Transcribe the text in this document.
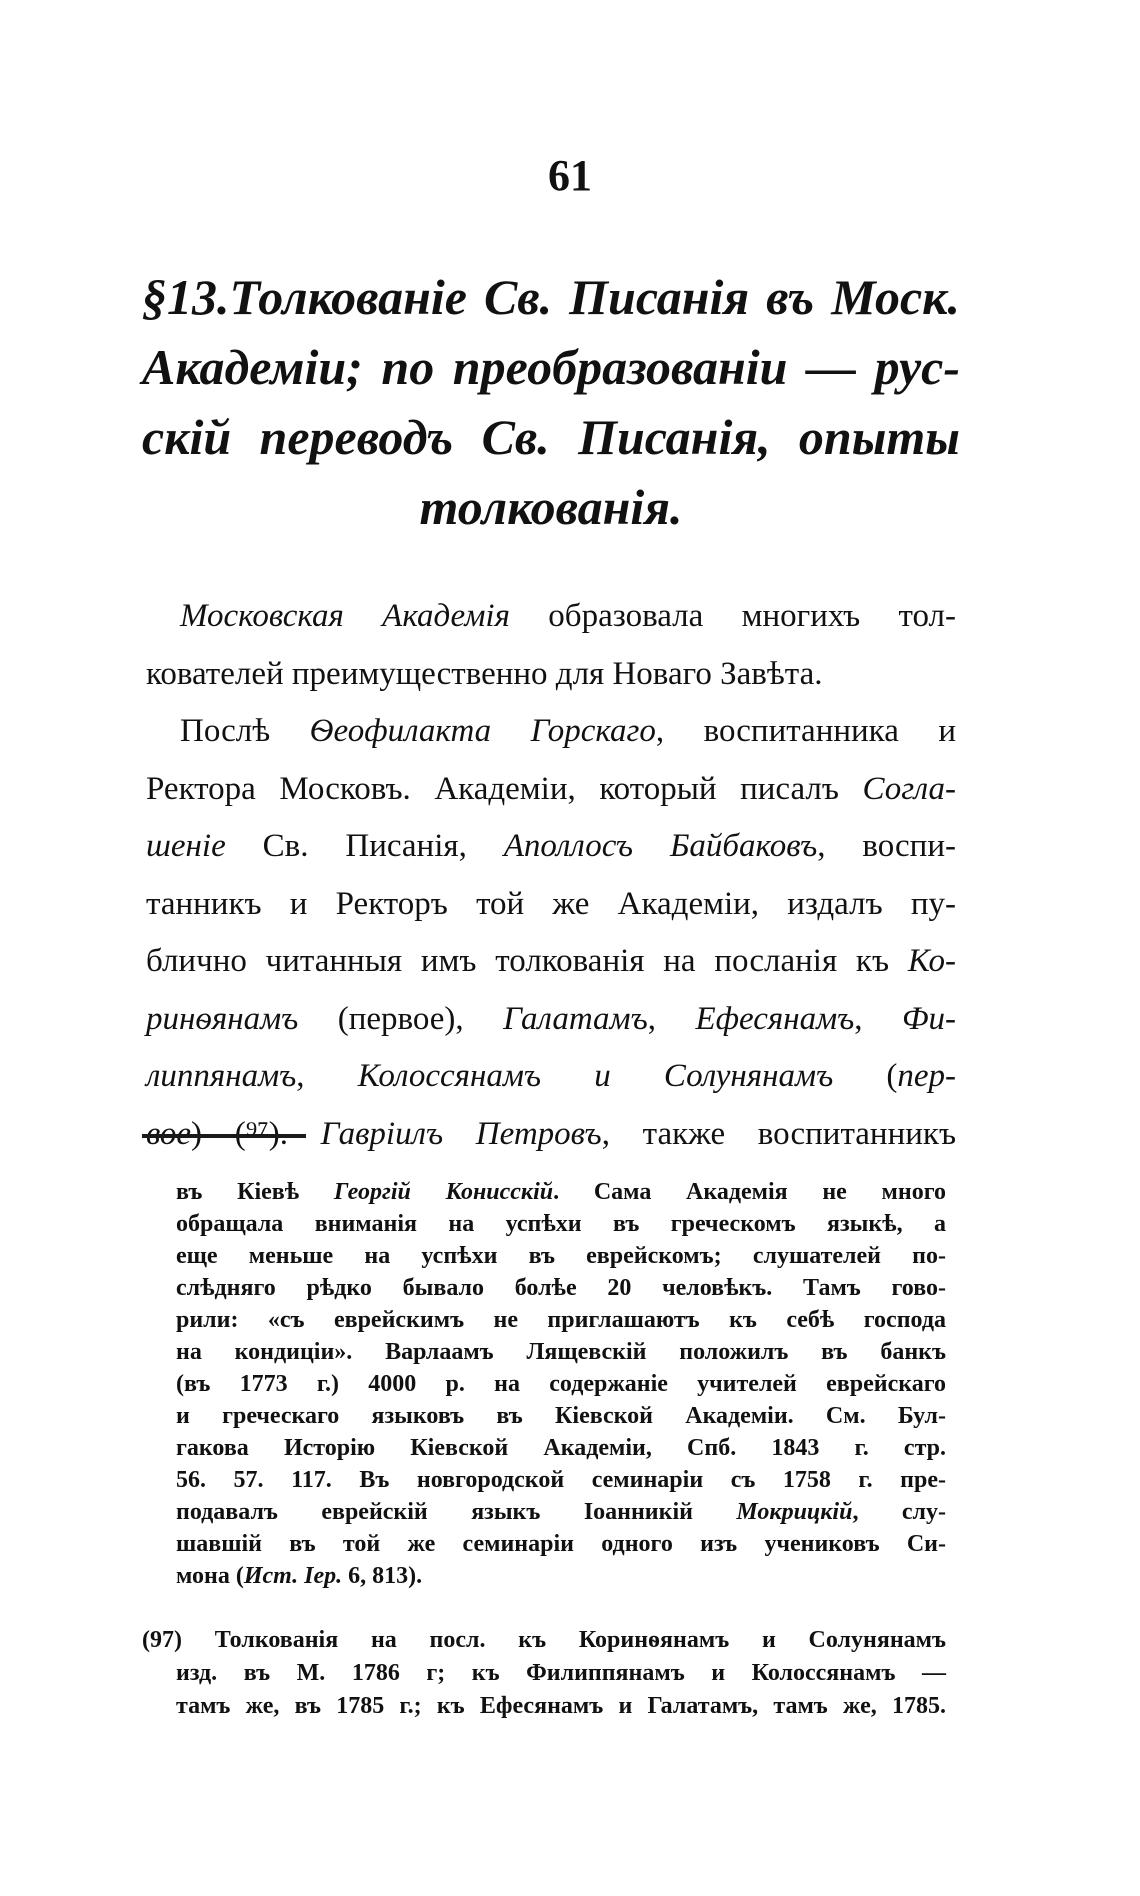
61
§13.Толкованіе Св. Писанія въ Моск.
Академіи; по преобразованіи — рус-
скій переводъ Св. Писанія, опыты
толкованія.
Московская Академія образовала многихъ тол-
кователей преимущественно для Новаго Завѣта.
Послѣ Ѳеофилакта Горскаго, воспитанника и
Ректора Московъ. Академіи, который писалъ Согла-
шеніе Св. Писанія, Аполлосъ Байбаковъ, воспи-
танникъ и Ректоръ той же Академіи, издалъ пу-
блично читанныя имъ толкованія на посланія къ Ко-
ринѳянамъ (первое), Галатамъ, Ефесянамъ, Фи-
липпянамъ, Колоссянамъ и Солунянамъ (пер-
вое) (⁹⁷). Гавріилъ Петровъ, также воспитанникъ
въ Кіевѣ Георгій Конисскій. Сама Академія не много
обращала вниманія на успѣхи въ греческомъ языкѣ, а
еще меньше на успѣхи въ еврейскомъ; слушателей по-
слѣдняго рѣдко бывало болѣе 20 человѣкъ. Тамъ гово-
рили: «съ еврейскимъ не приглашаютъ къ себѣ господа
на кондиціи». Варлаамъ Лящевскій положилъ въ банкъ
(въ 1773 г.) 4000 р. на содержаніе учителей еврейскаго
и греческаго языковъ въ Кіевской Академіи. См. Бул-
гакова Исторію Кіевской Академіи, Спб. 1843 г. стр.
56. 57. 117. Въ новгородской семинаріи съ 1758 г. пре-
подавалъ еврейскій языкъ Іоанникій Мокрицкій, слу-
шавшій въ той же семинаріи одного изъ учениковъ Си-
мона (Ист. Іер. 6, 813).
(97) Толкованія на посл. къ Коринѳянамъ и Солунянамъ
изд. въ М. 1786 г; къ Филиппянамъ и Колоссянамъ —
тамъ же, въ 1785 г.; къ Ефесянамъ и Галатамъ, тамъ же, 1785.
